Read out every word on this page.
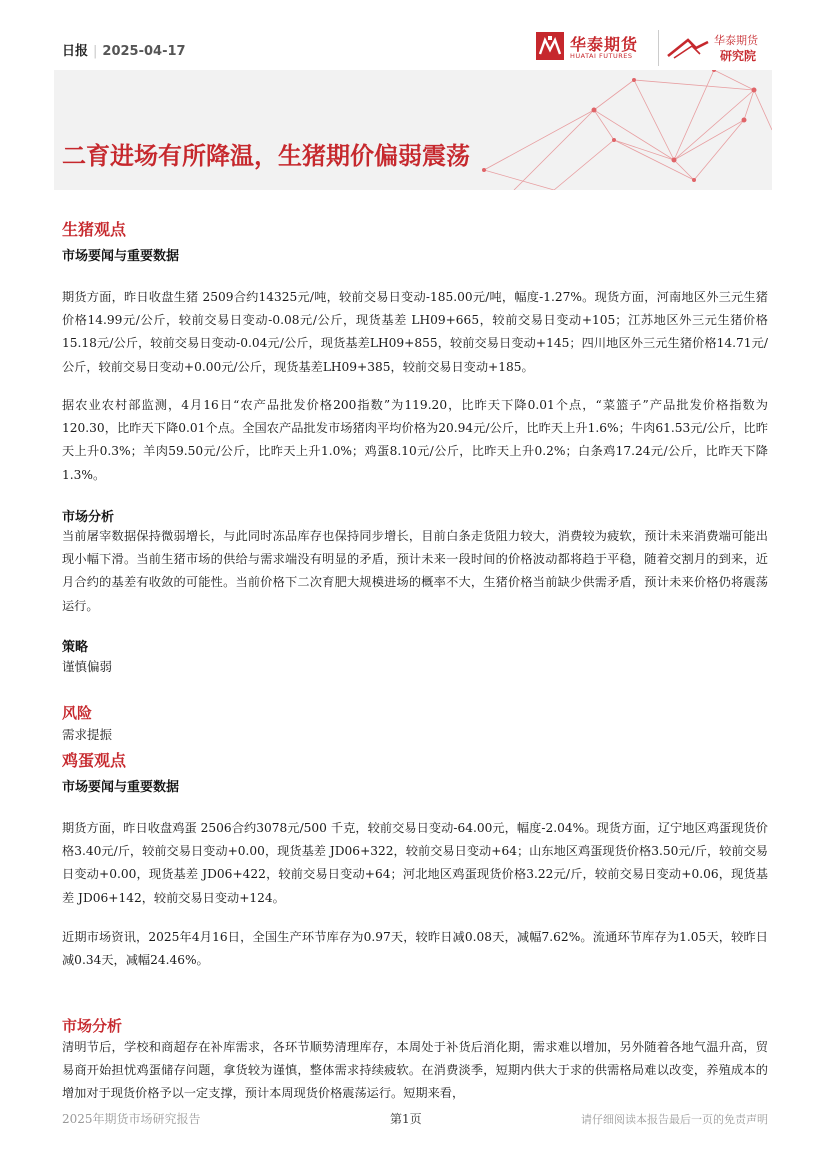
日报 | 2025-04-17	华泰期货
HUATAI FUTURES
华泰期货
研究院
二育进场有所降温，生猪期价偏弱震荡
生猪观点
市场要闻与重要数据
期货方面，昨日收盘生猪 2509合约14325元/吨，较前交易日变动-185.00元/吨，幅度-1.27%。现货方面，河南地区外三元生猪价格14.99元/公斤，较前交易日变动-0.08元/公斤，现货基差 LH09+665，较前交易日变动+105；江苏地区外三元生猪价格 15.18元/公斤，较前交易日变动-0.04元/公斤，现货基差LH09+855，较前交易日变动+145；四川地区外三元生猪价格14.71元/公斤，较前交易日变动+0.00元/公斤，现货基差LH09+385，较前交易日变动+185。
据农业农村部监测，4月16日“农产品批发价格200指数”为119.20，比昨天下降0.01个点，“菜篮子”产品批发价格指数为120.30，比昨天下降0.01个点。全国农产品批发市场猪肉平均价格为20.94元/公斤，比昨天上升1.6%；牛肉61.53元/公斤，比昨天上升0.3%；羊肉59.50元/公斤，比昨天上升1.0%；鸡蛋8.10元/公斤，比昨天上升0.2%；白条鸡17.24元/公斤，比昨天下降1.3%。
市场分析
当前屠宰数据保持微弱增长，与此同时冻品库存也保持同步增长，目前白条走货阻力较大，消费较为疲软，预计未来消费端可能出现小幅下滑。当前生猪市场的供给与需求端没有明显的矛盾，预计未来一段时间的价格波动都将趋于平稳，随着交割月的到来，近月合约的基差有收敛的可能性。当前价格下二次育肥大规模进场的概率不大，生猪价格当前缺少供需矛盾，预计未来价格仍将震荡运行。
策略
谨慎偏弱
风险
需求提振
鸡蛋观点
市场要闻与重要数据
期货方面，昨日收盘鸡蛋 2506合约3078元/500 千克，较前交易日变动-64.00元，幅度-2.04%。现货方面，辽宁地区鸡蛋现货价格3.40元/斤，较前交易日变动+0.00，现货基差 JD06+322，较前交易日变动+64；山东地区鸡蛋现货价格3.50元/斤，较前交易日变动+0.00，现货基差 JD06+422，较前交易日变动+64；河北地区鸡蛋现货价格3.22元/斤，较前交易日变动+0.06，现货基差 JD06+142，较前交易日变动+124。
近期市场资讯，2025年4月16日，全国生产环节库存为0.97天，较昨日减0.08天，减幅7.62%。流通环节库存为1.05天，较昨日减0.34天，减幅24.46%。
市场分析
清明节后，学校和商超存在补库需求，各环节顺势清理库存，本周处于补货后消化期，需求难以增加，另外随着各地气温升高，贸易商开始担忧鸡蛋储存问题，拿货较为谨慎，整体需求持续疲软。在消费淡季，短期内供大于求的供需格局难以改变，养殖成本的增加对于现货价格予以一定支撑，预计本周现货价格震荡运行。短期来看，
2025年期货市场研究报告	第1页	请仔细阅读本报告最后一页的免责声明
